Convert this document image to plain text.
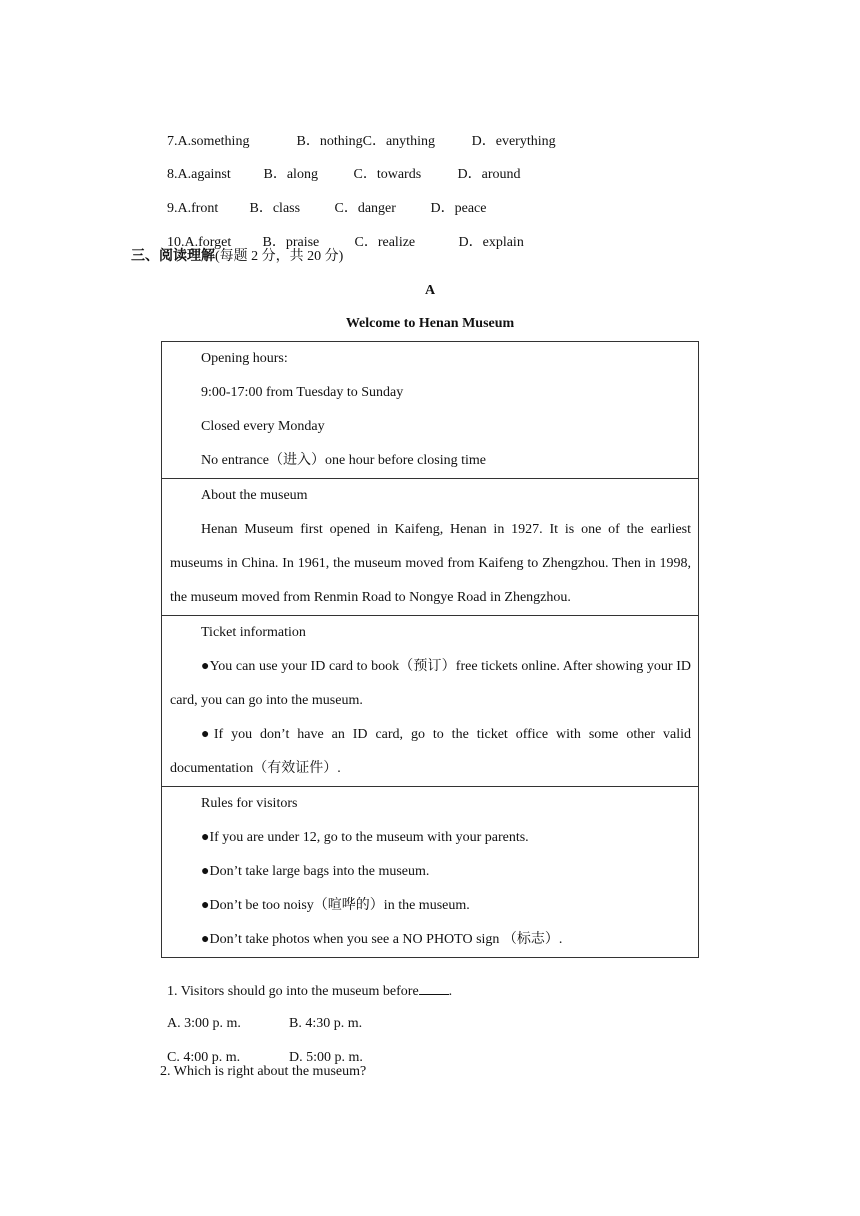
7.A.something	B．nothingC．anything	D．everything

8.A.against B．along	C．towards	D．around

9.A.front B．class C．danger D．peace

10.A.forget B．praise	C．realize	D．explain

三、阅读理解(每题 2 分，共 20 分)
A
Welcome to Henan Museum

Opening hours:

9:00-17:00 from Tuesday to Sunday

Closed every Monday

No entrance（进入）one hour before closing time

About the museum

Henan Museum first opened in Kaifeng, Henan in 1927. It is one of the earliest museums in China. In 1961, the museum moved from Kaifeng to Zhengzhou. Then in 1998, the museum moved from Renmin Road to Nongye Road in Zhengzhou.

Ticket information

●You can use your ID card to book（预订）free tickets online. After showing your ID card, you can go into the museum.

●If you don’t have an ID card, go to the ticket office with some other valid documentation（有效证件）.

Rules for visitors

●If you are under 12, go to the museum with your parents.

●Don’t take large bags into the museum.

●Don’t be too noisy（喧哗的）in the museum.

●Don’t take photos when you see a NO PHOTO sign （标志）.

1. Visitors should go into the museum before .

A. 3:00 p. m.	B. 4:30 p. m.

C. 4:00 p. m.	D. 5:00 p. m.

2. Which is right about the museum?
